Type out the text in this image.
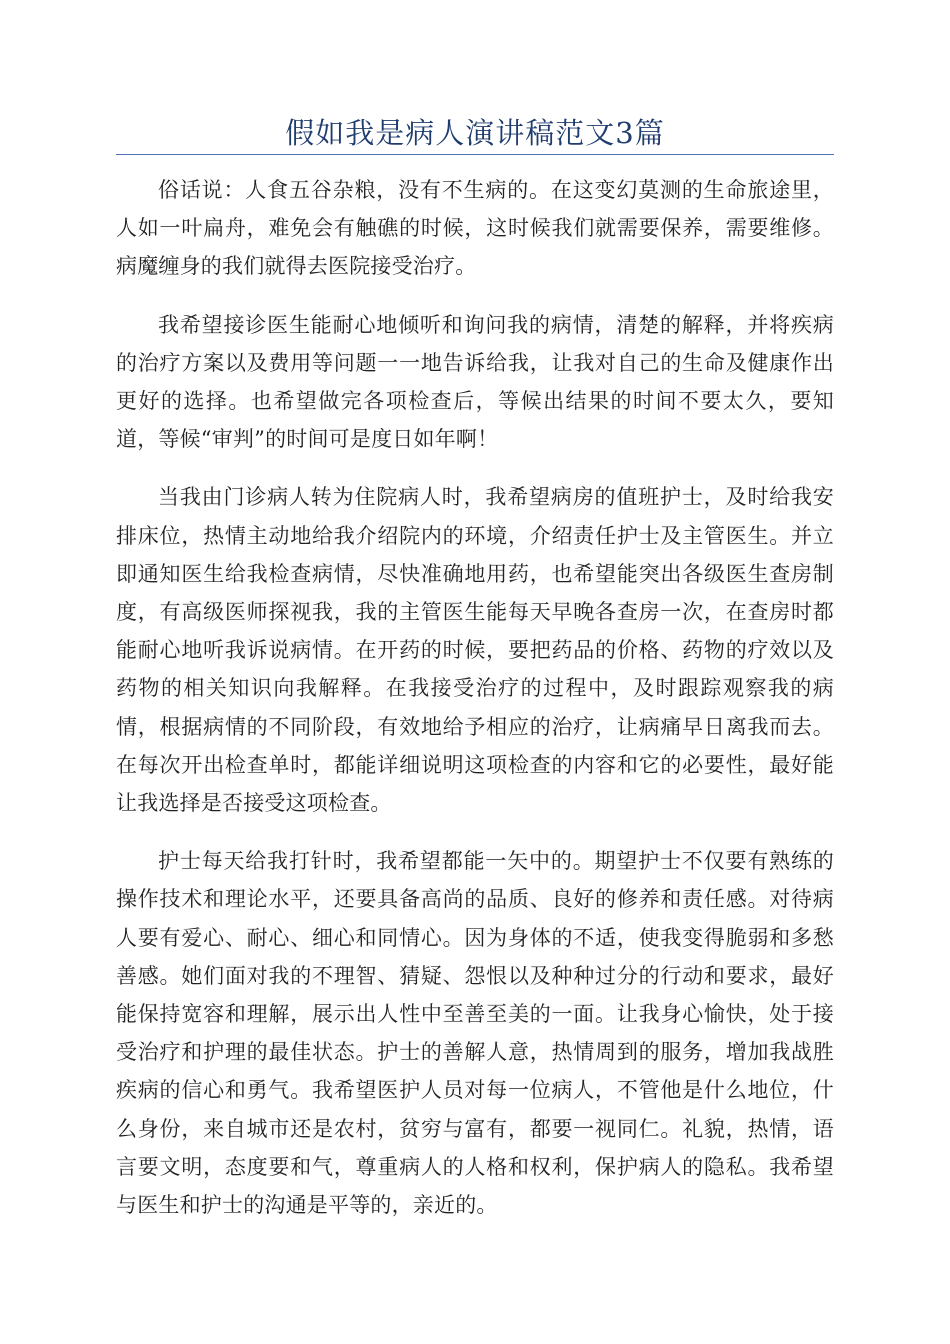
假如我是病人演讲稿范文3篇

俗话说：人食五谷杂粮，没有不生病的。在这变幻莫测的生命旅途里，人如一叶扁舟，难免会有触礁的时候，这时候我们就需要保养，需要维修。病魔缠身的我们就得去医院接受治疗。

我希望接诊医生能耐心地倾听和询问我的病情，清楚的解释，并将疾病的治疗方案以及费用等问题一一地告诉给我，让我对自己的生命及健康作出更好的选择。也希望做完各项检查后，等候出结果的时间不要太久，要知道，等候“审判”的时间可是度日如年啊！

当我由门诊病人转为住院病人时，我希望病房的值班护士，及时给我安排床位，热情主动地给我介绍院内的环境，介绍责任护士及主管医生。并立即通知医生给我检查病情，尽快准确地用药，也希望能突出各级医生查房制度，有高级医师探视我，我的主管医生能每天早晚各查房一次，在查房时都能耐心地听我诉说病情。在开药的时候，要把药品的价格、药物的疗效以及药物的相关知识向我解释。在我接受治疗的过程中，及时跟踪观察我的病情，根据病情的不同阶段，有效地给予相应的治疗，让病痛早日离我而去。在每次开出检查单时，都能详细说明这项检查的内容和它的必要性，最好能让我选择是否接受这项检查。

护士每天给我打针时，我希望都能一矢中的。期望护士不仅要有熟练的操作技术和理论水平，还要具备高尚的品质、良好的修养和责任感。对待病人要有爱心、耐心、细心和同情心。因为身体的不适，使我变得脆弱和多愁善感。她们面对我的不理智、猜疑、怨恨以及种种过分的行动和要求，最好能保持宽容和理解，展示出人性中至善至美的一面。让我身心愉快，处于接受治疗和护理的最佳状态。护士的善解人意，热情周到的服务，增加我战胜疾病的信心和勇气。我希望医护人员对每一位病人，不管他是什么地位，什么身份，来自城市还是农村，贫穷与富有，都要一视同仁。礼貌，热情，语言要文明，态度要和气，尊重病人的人格和权利，保护病人的隐私。我希望与医生和护士的沟通是平等的，亲近的。
